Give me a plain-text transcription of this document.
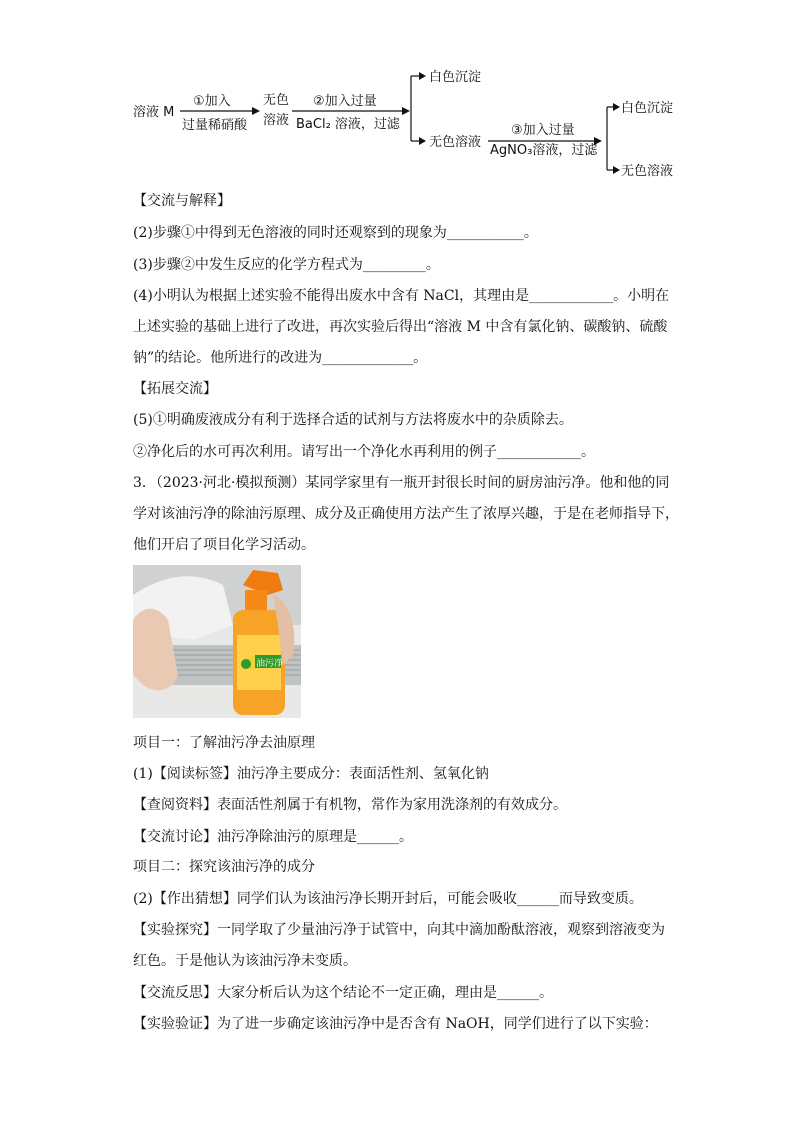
溶液 M
①加入
过量稀硝酸
无色
溶液
②加入过量
BaCl₂ 溶液，过滤
白色沉淀
无色溶液
③加入过量
AgNO₃溶液，过滤
白色沉淀
无色溶液
【交流与解释】
(2)步骤①中得到无色溶液的同时还观察到的现象为___________。
(3)步骤②中发生反应的化学方程式为_________。
(4)小明认为根据上述实验不能得出废水中含有 NaCl，其理由是____________。小明在
上述实验的基础上进行了改进，再次实验后得出“溶液 M 中含有氯化钠、碳酸钠、硫酸
钠”的结论。他所进行的改进为_____________。
【拓展交流】
(5)①明确废液成分有利于选择合适的试剂与方法将废水中的杂质除去。
②净化后的水可再次利用。请写出一个净化水再利用的例子____________。
3．（2023·河北·模拟预测）某同学家里有一瓶开封很长时间的厨房油污净。他和他的同
学对该油污净的除油污原理、成分及正确使用方法产生了浓厚兴趣，于是在老师指导下，
他们开启了项目化学习活动。
油污净
项目一：了解油污净去油原理
(1)【阅读标签】油污净主要成分：表面活性剂、氢氧化钠
【查阅资料】表面活性剂属于有机物，常作为家用洗涤剂的有效成分。
【交流讨论】油污净除油污的原理是______。
项目二：探究该油污净的成分
(2)【作出猜想】同学们认为该油污净长期开封后，可能会吸收______而导致变质。
【实验探究】一同学取了少量油污净于试管中，向其中滴加酚酞溶液，观察到溶液变为
红色。于是他认为该油污净未变质。
【交流反思】大家分析后认为这个结论不一定正确，理由是______。
【实验验证】为了进一步确定该油污净中是否含有 NaOH，同学们进行了以下实验：
